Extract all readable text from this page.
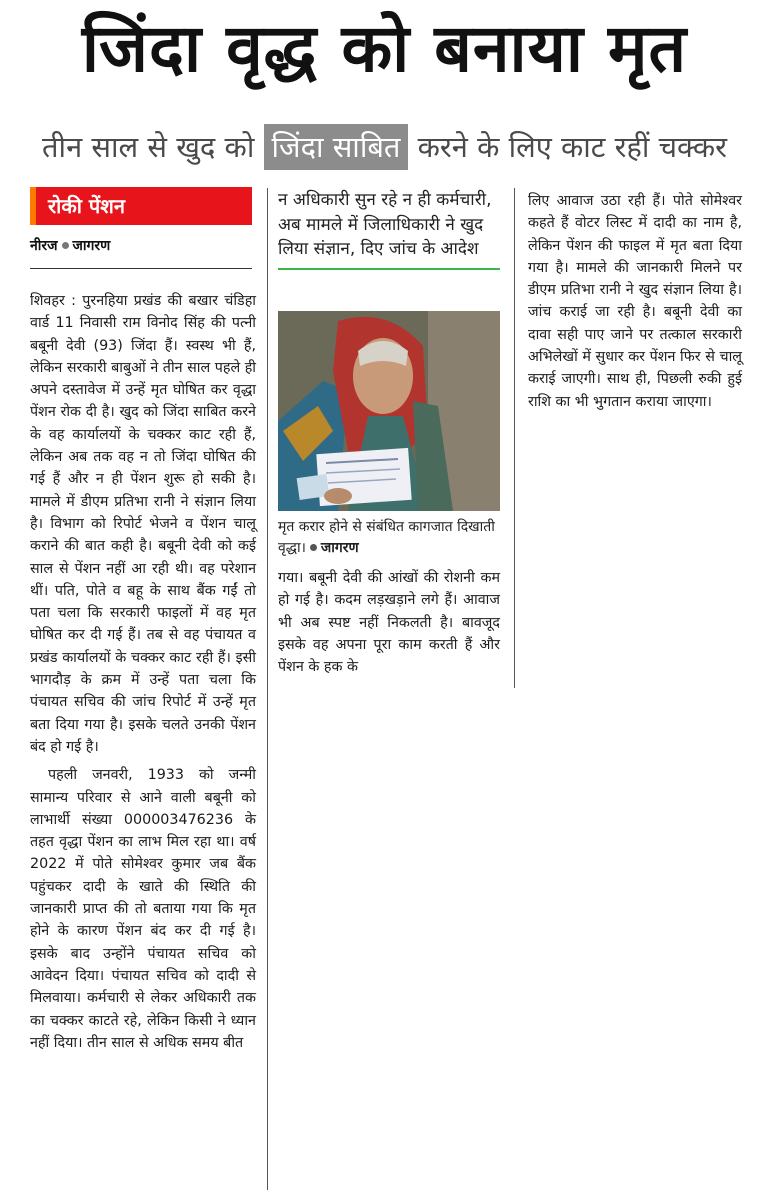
जिंदा वृद्ध को बनाया मृत
तीन साल से खुद को जिंदा साबित करने के लिए काट रहीं चक्कर
रोकी पेंशन
नीरज जागरण

शिवहर : पुरनहिया प्रखंड की बखार चंडिहा वार्ड 11 निवासी राम विनोद सिंह की पत्नी बबूनी देवी (93) जिंदा हैं। स्वस्थ भी हैं, लेकिन सरकारी बाबुओं ने तीन साल पहले ही अपने दस्तावेज में उन्हें मृत घोषित कर वृद्धा पेंशन रोक दी है। खुद को जिंदा साबित करने के वह कार्यालयों के चक्कर काट रही हैं, लेकिन अब तक वह न तो जिंदा घोषित की गई हैं और न ही पेंशन शुरू हो सकी है। मामले में डीएम प्रतिभा रानी ने संज्ञान लिया है। विभाग को रिपोर्ट भेजने व पेंशन चालू कराने की बात कही है। बबूनी देवी को कई साल से पेंशन नहीं आ रही थी। वह परेशान थीं। पति, पोते व बहू के साथ बैंक गईं तो पता चला कि सरकारी फाइलों में वह मृत घोषित कर दी गई हैं। तब से वह पंचायत व प्रखंड कार्यालयों के चक्कर काट रही हैं। इसी भागदौड़ के क्रम में उन्हें पता चला कि पंचायत सचिव की जांच रिपोर्ट में उन्हें मृत बता दिया गया है। इसके चलते उनकी पेंशन बंद हो गई है।

पहली जनवरी, 1933 को जन्मी सामान्य परिवार से आने वाली बबूनी को लाभार्थी संख्या 000003476236 के तहत वृद्धा पेंशन का लाभ मिल रहा था। वर्ष 2022 में पोते सोमेश्वर कुमार जब बैंक पहुंचकर दादी के खाते की स्थिति की जानकारी प्राप्त की तो बताया गया कि मृत होने के कारण पेंशन बंद कर दी गई है। इसके बाद उन्होंने पंचायत सचिव को आवेदन दिया। पंचायत सचिव को दादी से मिलवाया। कर्मचारी से लेकर अधिकारी तक का चक्कर काटते रहे, लेकिन किसी ने ध्यान नहीं दिया। तीन साल से अधिक समय बीत

न अधिकारी सुन रहे न ही कर्मचारी, अब मामले में जिलाधिकारी ने खुद लिया संज्ञान, दिए जांच के आदेश
मृत करार होने से संबंधित कागजात दिखाती वृद्धा। जागरण

गया। बबूनी देवी की आंखों की रोशनी कम हो गई है। कदम लड़खड़ाने लगे हैं। आवाज भी अब स्पष्ट नहीं निकलती है। बावजूद इसके वह अपना पूरा काम करती हैं और पेंशन के हक के

लिए आवाज उठा रही हैं। पोते सोमेश्वर कहते हैं वोटर लिस्ट में दादी का नाम है, लेकिन पेंशन की फाइल में मृत बता दिया गया है। मामले की जानकारी मिलने पर डीएम प्रतिभा रानी ने खुद संज्ञान लिया है। जांच कराई जा रही है। बबूनी देवी का दावा सही पाए जाने पर तत्काल सरकारी अभिलेखों में सुधार कर पेंशन फिर से चालू कराई जाएगी। साथ ही, पिछली रुकी हुई राशि का भी भुगतान कराया जाएगा।
